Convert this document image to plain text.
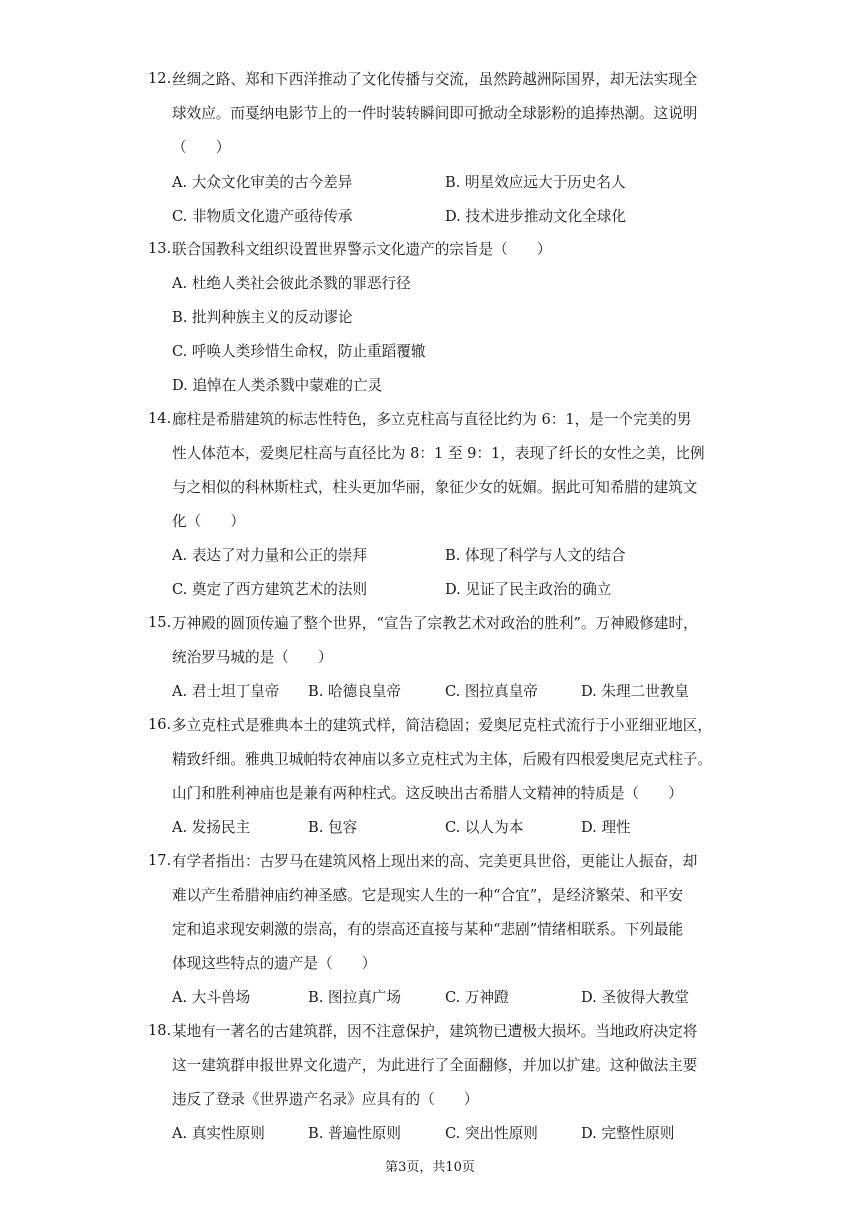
12. 丝绸之路、郑和下西洋推动了文化传播与交流，虽然跨越洲际国界，却无法实现全
球效应。而戛纳电影节上的一件时装转瞬间即可掀动全球影粉的追捧热潮。这说明
（　　）
A. 大众文化审美的古今差异	B. 明星效应远大于历史名人
C. 非物质文化遗产亟待传承	D. 技术进步推动文化全球化
13. 联合国教科文组织设置世界警示文化遗产的宗旨是（　　）
A. 杜绝人类社会彼此杀戮的罪恶行径
B. 批判种族主义的反动谬论
C. 呼唤人类珍惜生命权，防止重蹈覆辙
D. 追悼在人类杀戮中蒙难的亡灵
14. 廊柱是希腊建筑的标志性特色，多立克柱高与直径比约为 6：1，是一个完美的男
性人体范本，爱奥尼柱高与直径比为 8：1 至 9：1，表现了纤长的女性之美，比例
与之相似的科林斯柱式，柱头更加华丽，象征少女的妩媚。据此可知希腊的建筑文
化（　　）
A. 表达了对力量和公正的崇拜	B. 体现了科学与人文的结合
C. 奠定了西方建筑艺术的法则	D. 见证了民主政治的确立
15. 万神殿的圆顶传遍了整个世界，“宣告了宗教艺术对政治的胜利”。万神殿修建时，
统治罗马城的是（　　）
A. 君士坦丁皇帝 B. 哈德良皇帝	C. 图拉真皇帝	D. 朱理二世教皇
16. 多立克柱式是雅典本土的建筑式样，简洁稳固；爱奥尼克柱式流行于小亚细亚地区，
精致纤细。雅典卫城帕特农神庙以多立克柱式为主体，后殿有四根爱奥尼克式柱子。
山门和胜利神庙也是兼有两种柱式。这反映出古希腊人文精神的特质是（　　）
A. 发扬民主	B. 包容	C. 以人为本	D. 理性
17. 有学者指出：古罗马在建筑风格上现出来的高、完美更具世俗，更能让人振奋，却
难以产生希腊神庙约神圣感。它是现实人生的一种“合宜”，是经济繁荣、和平安
定和追求现安刺激的崇高，有的崇高还直接与某种“悲剧”情绪相联系。下列最能
体现这些特点的遗产是（　　）
A. 大斗兽场	B. 图拉真广场	C. 万神蹬	D. 圣彼得大教堂
18. 某地有一著名的古建筑群，因不注意保护，建筑物已遭极大损坏。当地政府决定将
这一建筑群申报世界文化遗产，为此进行了全面翻修，并加以扩建。这种做法主要
违反了登录《世界遗产名录》应具有的（　　）
A. 真实性原则	B. 普遍性原则	C. 突出性原则	D. 完整性原则
第3页，共10页
